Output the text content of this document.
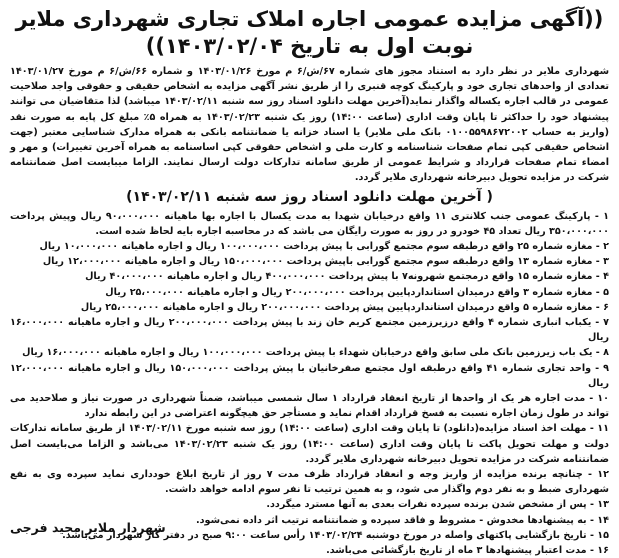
((آگهی مزایده عمومی اجاره املاک تجاری شهرداری ملایر
نوبت اول به تاریخ ۱۴۰۳/۰۲/۰۴))

شهرداری ملایر در نظر دارد به استناد مجوز های شماره ۶۷/ش/۶ م مورخ ۱۴۰۳/۰۱/۲۶ و شماره ۶۶/ش/۶ م مورخ ۱۴۰۳/۰۱/۲۷ تعدادی از واحدهای تجاری خود و پارکینگ کوچه قنبری را از طریق نشر آگهی مزایده به اشخاص حقیقی و حقوقی واجد صلاحیت عمومی در قالب اجاره یکساله واگذار نماید(آخرین مهلت دانلود اسناد روز سه شنبه ۱۴۰۳/۰۲/۱۱ میباشد) لذا متقاضیان می توانند پیشنهاد خود را حداکثر تا پایان وقت اداری (ساعت ۱۴:۰۰) روز یک شنبه ۱۴۰۳/۰۲/۲۳ به همراه ۵٪ مبلغ کل پایه به صورت نقد (واریز به حساب ۰۱۰۰۵۵۹۸۶۷۲۰۰۲ بانک ملی ملایر) یا اسناد خزانه یا ضمانتنامه بانکی به همراه مدارک شناسایی معتبر (جهت اشخاص حقیقی کپی تمام صفحات شناسنامه و کارت ملی و اشخاص حقوقی کپی اساسنامه به همراه آخرین تغییرات) و مهر و امضاء تمام صفحات قرارداد و شرایط عمومی از طریق سامانه تدارکات دولت ارسال نمایند. الزاما میبایست اصل ضمانتنامه شرکت در مزایده تحویل دبیرخانه شهرداری ملایر گردد.

( آخرین مهلت دانلود اسناد روز سه شنبه ۱۴۰۳/۰۲/۱۱)
۱ - پارکینگ عمومی جنب کلانتری ۱۱ واقع درخیابان شهدا به مدت یکسال با اجاره بها ماهیانه ۹۰،۰۰۰،۰۰۰ ریال وپیش پرداخت ۳۵۰،۰۰۰،۰۰۰ ریال تعداد ۴۵ خودرو در روز به صورت رایگان می باشد که در محاسبه اجاره بایه لحاظ شده است.
۲ - مغازه شماره ۲۵ واقع درطبقه سوم مجتمع گورابی با پیش پرداخت ۱۰۰،۰۰۰،۰۰۰ ریال و اجاره ماهیانه ۱۰،۰۰۰،۰۰۰ ریال
۳ - مغازه شماره ۱۳ واقع درطبقه سوم مجتمع گورابی باپیش پرداخت ۱۵۰،۰۰۰،۰۰۰ ریال و اجاره ماهیانه ۱۲،۰۰۰،۰۰۰ ریال
۴ - مغازه شماره ۱۵ واقع درمجتمع شهرونه۷ با پیش پرداخت ۴۰۰،۰۰۰،۰۰۰ ریال و اجاره ماهیانه ۴۰،۰۰۰،۰۰۰ ریال
۵ - مغازه شماره ۳ واقع درمیدان استانداردپایین پرداخت ۲۰۰،۰۰۰،۰۰۰ ریال و اجاره ماهیانه ۲۵،۰۰۰،۰۰۰ ریال
۶ - مغازه شماره ۵ واقع درمیدان استانداردپایین پیش پرداخت ۲۰۰،۰۰۰،۰۰۰ ریال و اجاره ماهیانه ۲۵،۰۰۰،۰۰۰ ریال
۷ - یکباب انباری شماره ۴ واقع درزیرزمین مجتمع کریم خان زند با پیش پرداخت ۲۰۰،۰۰۰،۰۰۰ ریال و اجاره ماهیانه ۱۶،۰۰۰،۰۰۰ ریال
۸ - یک باب زیرزمین بانک ملی سابق واقع درخیابان شهداء با پیش پرداخت ۱۰۰،۰۰۰،۰۰۰ ریال و اجاره ماهیانه ۱۶،۰۰۰،۰۰۰ ریال
۹ - واحد تجاری شماره ۴۱ واقع درطبقه اول مجتمع صفرخانیان با پیش پرداخت ۱۵۰،۰۰۰،۰۰۰ ریال و اجاره ماهیانه ۱۲،۰۰۰،۰۰۰ ریال
۱۰ - مدت اجاره هر یک از واحدها از تاریخ انعقاد قرارداد ۱ سال شمسی میباشد، ضمناً شهرداری در صورت نیاز و صلاحدید می تواند در طول زمان اجاره نسبت به فسخ قرارداد اقدام نماید و مستأجر حق هیچگونه اعتراضی در این رابطه ندارد
۱۱ - مهلت اخذ اسناد مزایده(دانلود) تا پایان وقت اداری (ساعت ۱۴:۰۰) روز سه شنبه مورخ ۱۴۰۳/۰۲/۱۱ از طریق سامانه تدارکات دولت و مهلت تحویل پاکت تا پایان وقت اداری (ساعت ۱۴:۰۰) روز یک شنبه ۱۴۰۳/۰۲/۲۳ می‌باشد و الزاما می‌بایست اصل ضمانتنامه شرکت در مزایده تحویل دبیرخانه شهرداری ملایر گردد.
۱۲ - چنانچه برنده مزایده از واریز وجه و انعقاد قرارداد ظرف مدت ۷ روز از تاریخ ابلاغ خودداری نماید سپرده وی به نفع شهرداری ضبط و به نفر دوم واگذار می شود، و به همین ترتیب تا نفر سوم ادامه خواهد داشت.
۱۳ - پس از مشخص شدن برنده سپرده نفرات بعدی به آنها مسترد میگردد.
۱۴ - به پیشنهادها مخدوش - مشروط و فاقد سپرده و ضمانتنامه ترتیب اثر داده نمی‌شود.
۱۵ - تاریخ بازگشایی پاکتهای واصله در مورخ دوشنبه ۱۴۰۳/۰۲/۲۴ رأس ساعت ۹:۰۰ صبح در دفتر کار شهردار می‌باشد.
۱۶ - مدت اعتبار پیشنهادها ۳ ماه از تاریخ بازگشائی می‌باشد.
شهردار ملایر مجید فرجی
